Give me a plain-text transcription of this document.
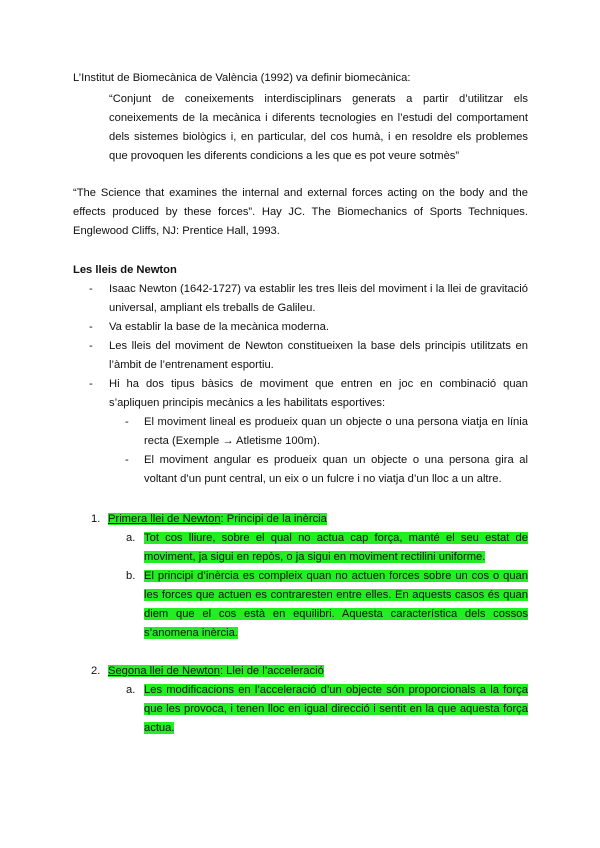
L’Institut de Biomecànica de València (1992) va definir biomecànica:

“Conjunt de coneixements interdisciplinars generats a partir d’utilitzar els coneixements de la mecànica i diferents tecnologies en l’estudi del comportament dels sistemes biològics i, en particular, del cos humà, i en resoldre els problemes que provoquen les diferents condicions a les que es pot veure sotmès”

“The Science that examines the internal and external forces acting on the body and the effects produced by these forces”. Hay JC. The Biomechanics of Sports Techniques. Englewood Cliffs, NJ: Prentice Hall, 1993.

Les lleis de Newton
- Isaac Newton (1642-1727) va establir les tres lleis del moviment i la llei de gravitació universal, ampliant els treballs de Galileu.
- Va establir la base de la mecànica moderna.
- Les lleis del moviment de Newton constitueixen la base dels principis utilitzats en l’àmbit de l’entrenament esportiu.
- Hi ha dos tipus bàsics de moviment que entren en joc en combinació quan s’apliquen principis mecànics a les habilitats esportives:
- El moviment lineal es produeix quan un objecte o una persona viatja en línia recta (Exemple → Atletisme 100m).
- El moviment angular es produeix quan un objecte o una persona gira al voltant d’un punt central, un eix o un fulcre i no viatja d’un lloc a un altre.
1. Primera llei de Newton: Principi de la inèrcia
a. Tot cos lliure, sobre el qual no actua cap força, manté el seu estat de moviment, ja sigui en repòs, o ja sigui en moviment rectilini uniforme.
b. El principi d’inèrcia es compleix quan no actuen forces sobre un cos o quan les forces que actuen es contraresten entre elles. En aquests casos és quan diem que el cos està en equilibri. Aquesta característica dels cossos s’anomena inèrcia.
2. Segona llei de Newton: Llei de l’acceleració
a. Les modificacions en l’acceleració d’un objecte són proporcionals a la força que les provoca, i tenen lloc en igual direcció i sentit en la que aquesta força actua.
